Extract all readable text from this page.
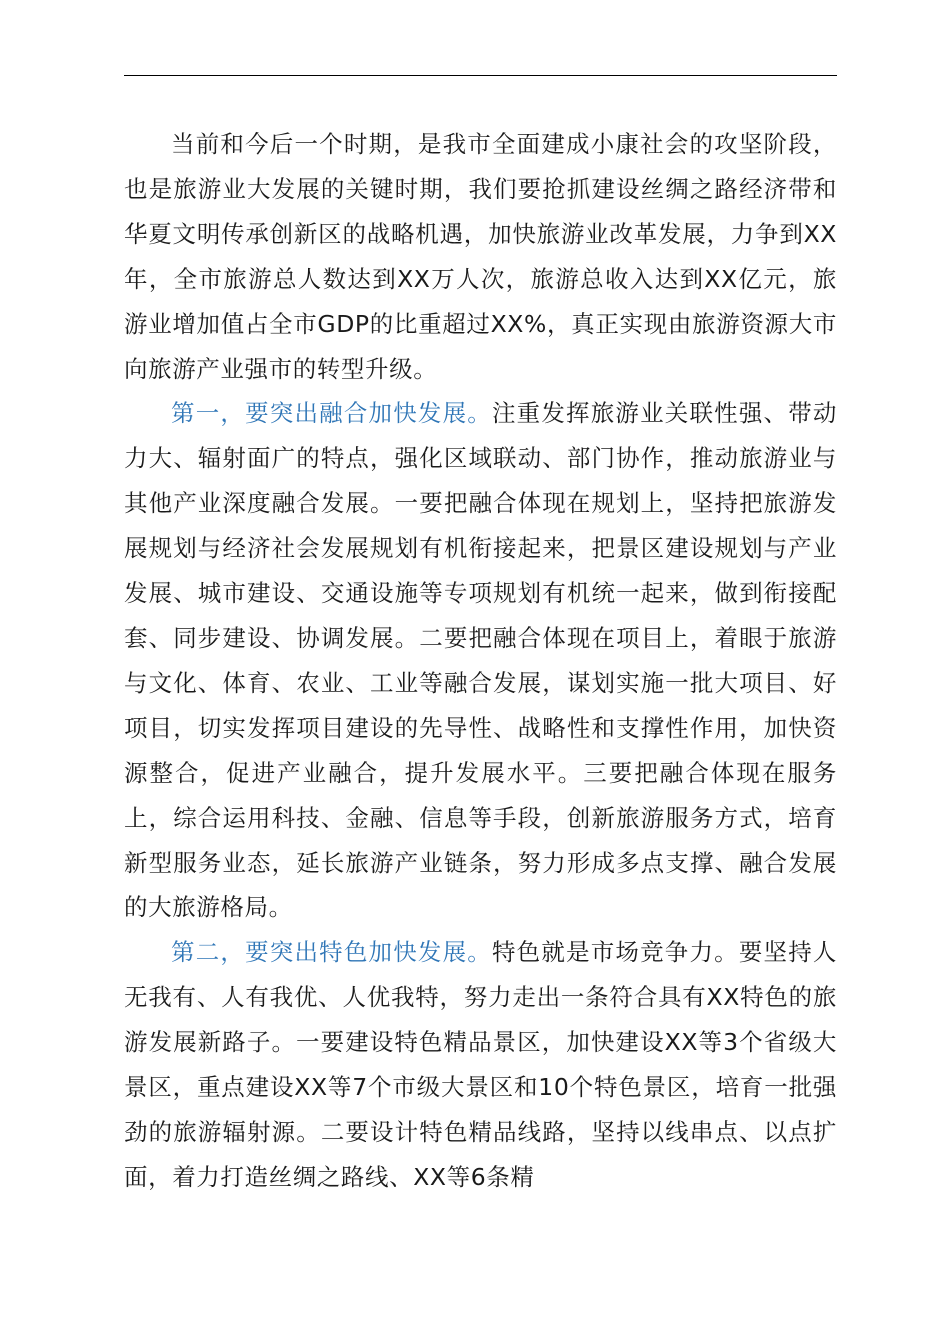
当前和今后一个时期，是我市全面建成小康社会的攻坚阶段，也是旅游业大发展的关键时期，我们要抢抓建设丝绸之路经济带和华夏文明传承创新区的战略机遇，加快旅游业改革发展，力争到XX年，全市旅游总人数达到XX万人次，旅游总收入达到XX亿元，旅游业增加值占全市GDP的比重超过XX%，真正实现由旅游资源大市向旅游产业强市的转型升级。

第一，要突出融合加快发展。注重发挥旅游业关联性强、带动力大、辐射面广的特点，强化区域联动、部门协作，推动旅游业与其他产业深度融合发展。一要把融合体现在规划上，坚持把旅游发展规划与经济社会发展规划有机衔接起来，把景区建设规划与产业发展、城市建设、交通设施等专项规划有机统一起来，做到衔接配套、同步建设、协调发展。二要把融合体现在项目上，着眼于旅游与文化、体育、农业、工业等融合发展，谋划实施一批大项目、好项目，切实发挥项目建设的先导性、战略性和支撑性作用，加快资源整合，促进产业融合，提升发展水平。三要把融合体现在服务上，综合运用科技、金融、信息等手段，创新旅游服务方式，培育新型服务业态，延长旅游产业链条，努力形成多点支撑、融合发展的大旅游格局。

第二，要突出特色加快发展。特色就是市场竞争力。要坚持人无我有、人有我优、人优我特，努力走出一条符合具有XX特色的旅游发展新路子。一要建设特色精品景区，加快建设XX等3个省级大景区，重点建设XX等7个市级大景区和10个特色景区，培育一批强劲的旅游辐射源。二要设计特色精品线路，坚持以线串点、以点扩面，着力打造丝绸之路线、XX等6条精
